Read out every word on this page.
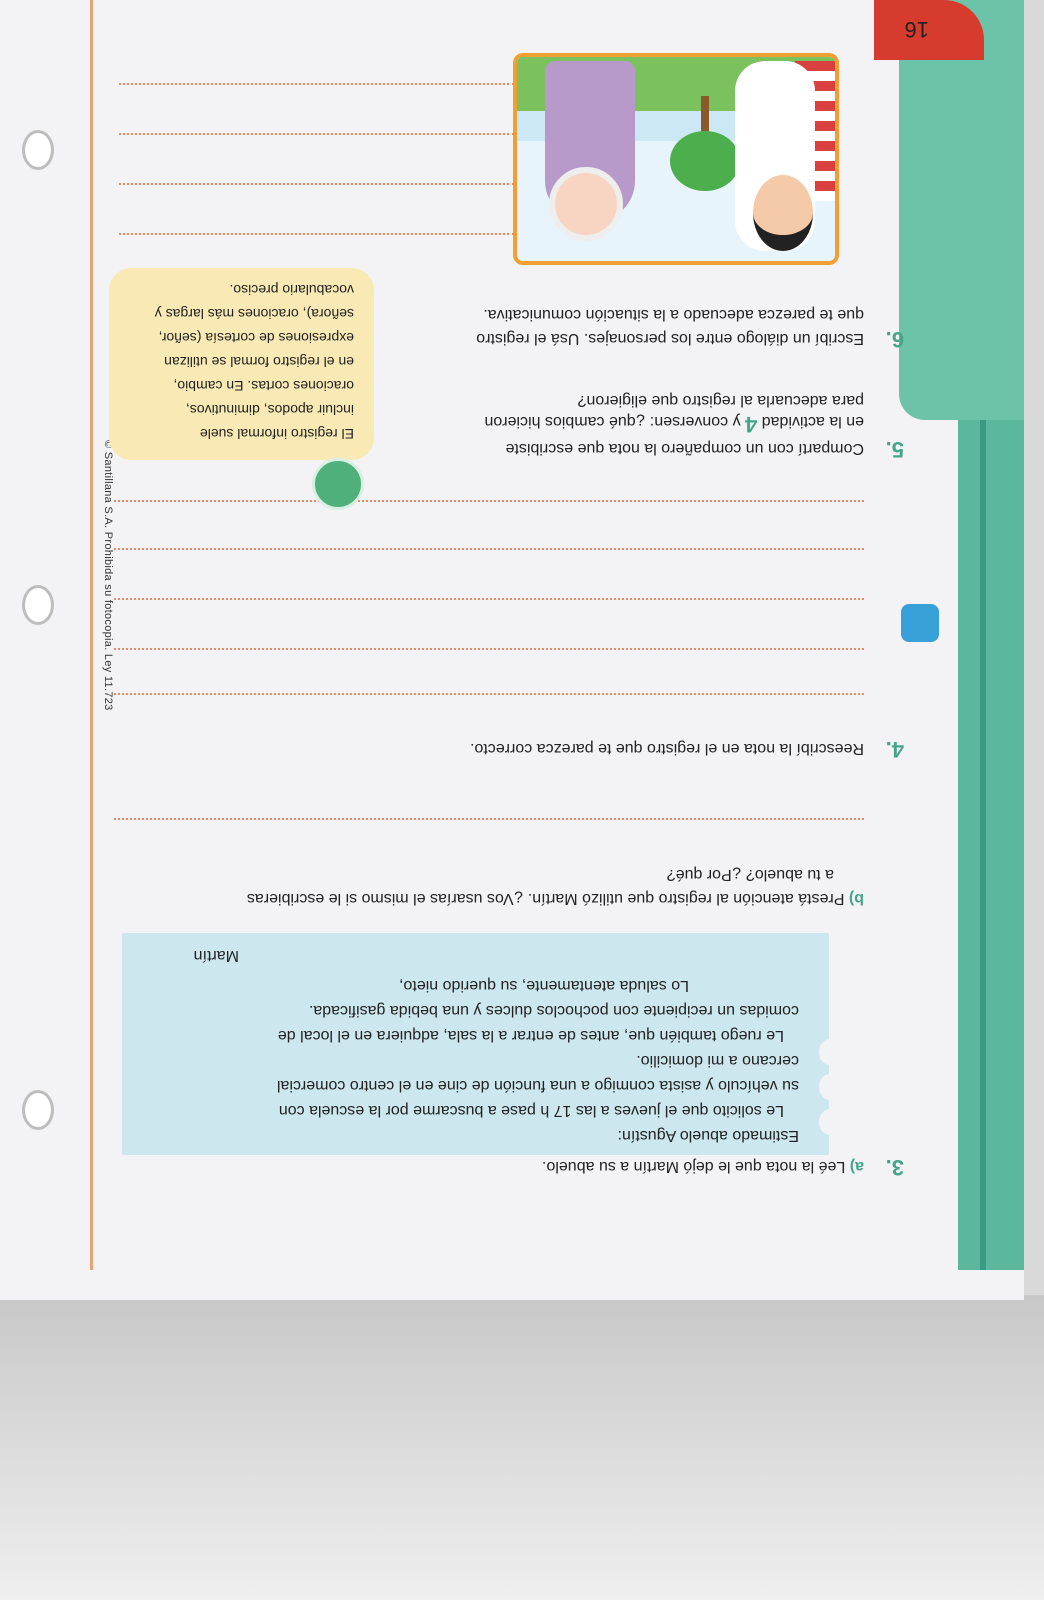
16
© Santillana S.A. Prohibida su fotocopia. Ley 11.723
3.
a) Leé la nota que le dejó Martín a su abuelo.
Estimado abuelo Agustín:
Le solicito que el jueves a las 17 h pase a buscarme por la escuela con
su vehículo y asista conmigo a una función de cine en el centro comercial
cercano a mi domicilio.
Le ruego también que, antes de entrar a la sala, adquiera en el local de
comidas un recipiente con pochoclos dulces y una bebida gasificada.
Lo saluda atentamente, su querido nieto,
Martín
b) Prestá atención al registro que utilizó Martín. ¿Vos usarías el mismo si le escribieras
a tu abuelo? ¿Por qué?
4.
Reescribí la nota en el registro que te parezca correcto.
5.
Compartí con un compañero la nota que escribiste
en la actividad 4 y conversen: ¿qué cambios hicieron
para adecuarla al registro que eligieron?
El registro informal suele
incluir apodos, diminutivos,
oraciones cortas. En cambio,
en el registro formal se utilizan
expresiones de cortesía (señor,
señora), oraciones más largas y
vocabulario preciso.
6.
Escribí un diálogo entre los personajes. Usá el registro
que te parezca adecuado a la situación comunicativa.
